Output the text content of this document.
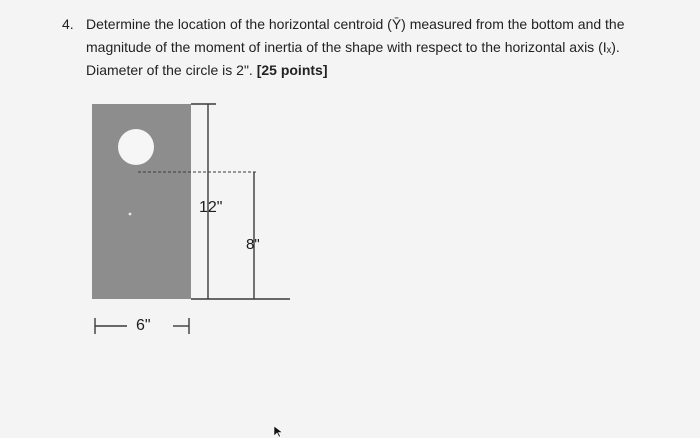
4. Determine the location of the horizontal centroid (Ȳ) measured from the bottom and the
magnitude of the moment of inertia of the shape with respect to the horizontal axis (Iₓ).
Diameter of the circle is 2". [25 points]
12"
8"
6"
